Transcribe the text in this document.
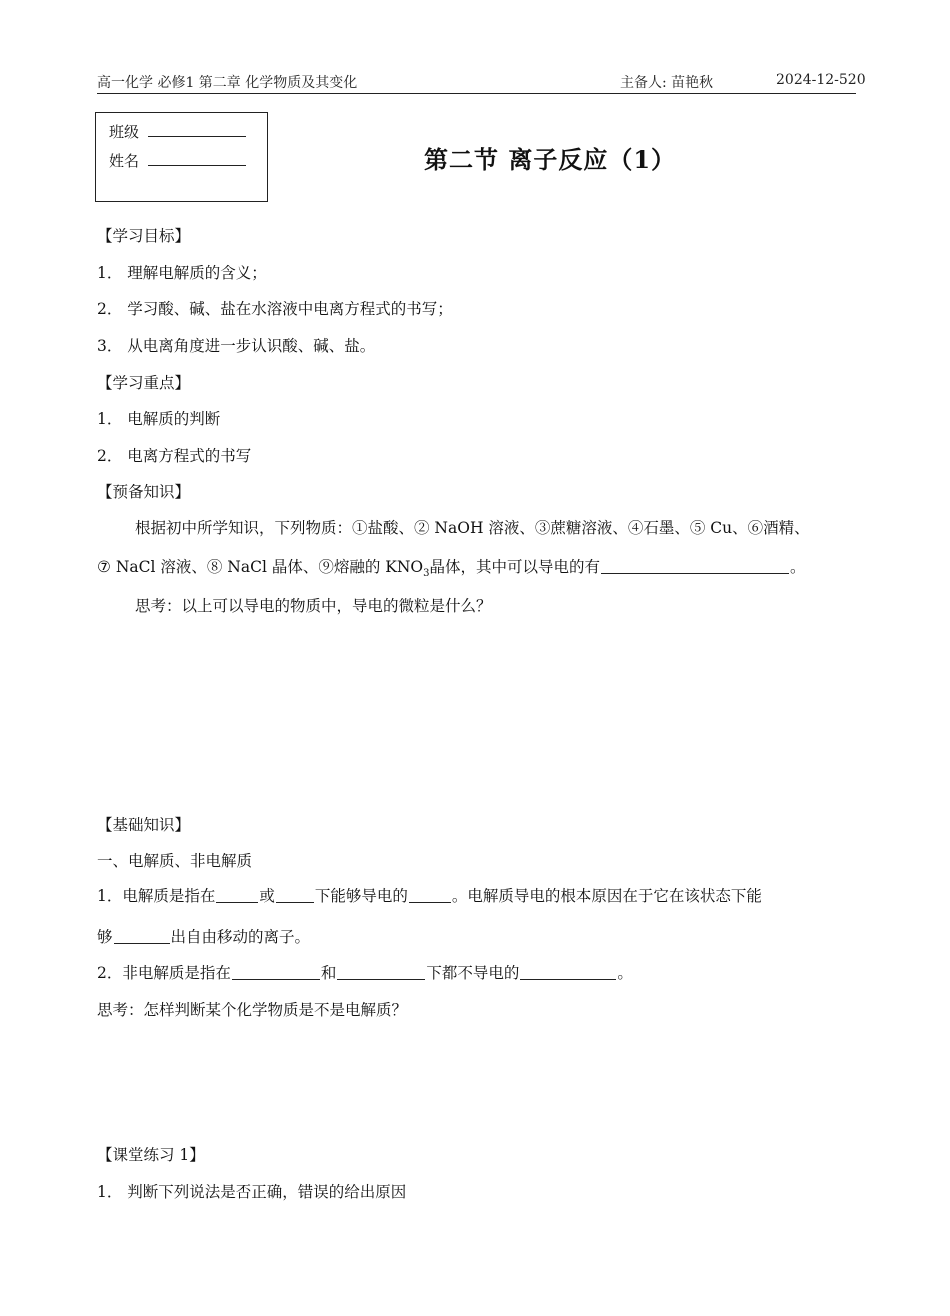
高一化学 必修1 第二章 化学物质及其变化	主备人: 苗艳秋	2024-12-520
班级
姓名	第二节 离子反应（1）
【学习目标】
1． 理解电解质的含义；
2． 学习酸、碱、盐在水溶液中电离方程式的书写；
3． 从电离角度进一步认识酸、碱、盐。
【学习重点】
1． 电解质的判断
2． 电离方程式的书写
【预备知识】
根据初中所学知识，下列物质：①盐酸、② NaOH 溶液、③蔗糖溶液、④石墨、⑤ Cu、⑥酒精、
⑦ NaCl 溶液、⑧ NaCl 晶体、⑨熔融的 $KNO_3$晶体，其中可以导电的有	。
思考：以上可以导电的物质中，导电的微粒是什么？
【基础知识】
一、电解质、非电解质
1．电解质是指在	或	下能够导电的	。电解质导电的根本原因在于它在该状态下能
够	出自由移动的离子。
2．非电解质是指在	和	下都不导电的	。
思考：怎样判断某个化学物质是不是电解质？
【课堂练习 1】
1． 判断下列说法是否正确，错误的给出原因
